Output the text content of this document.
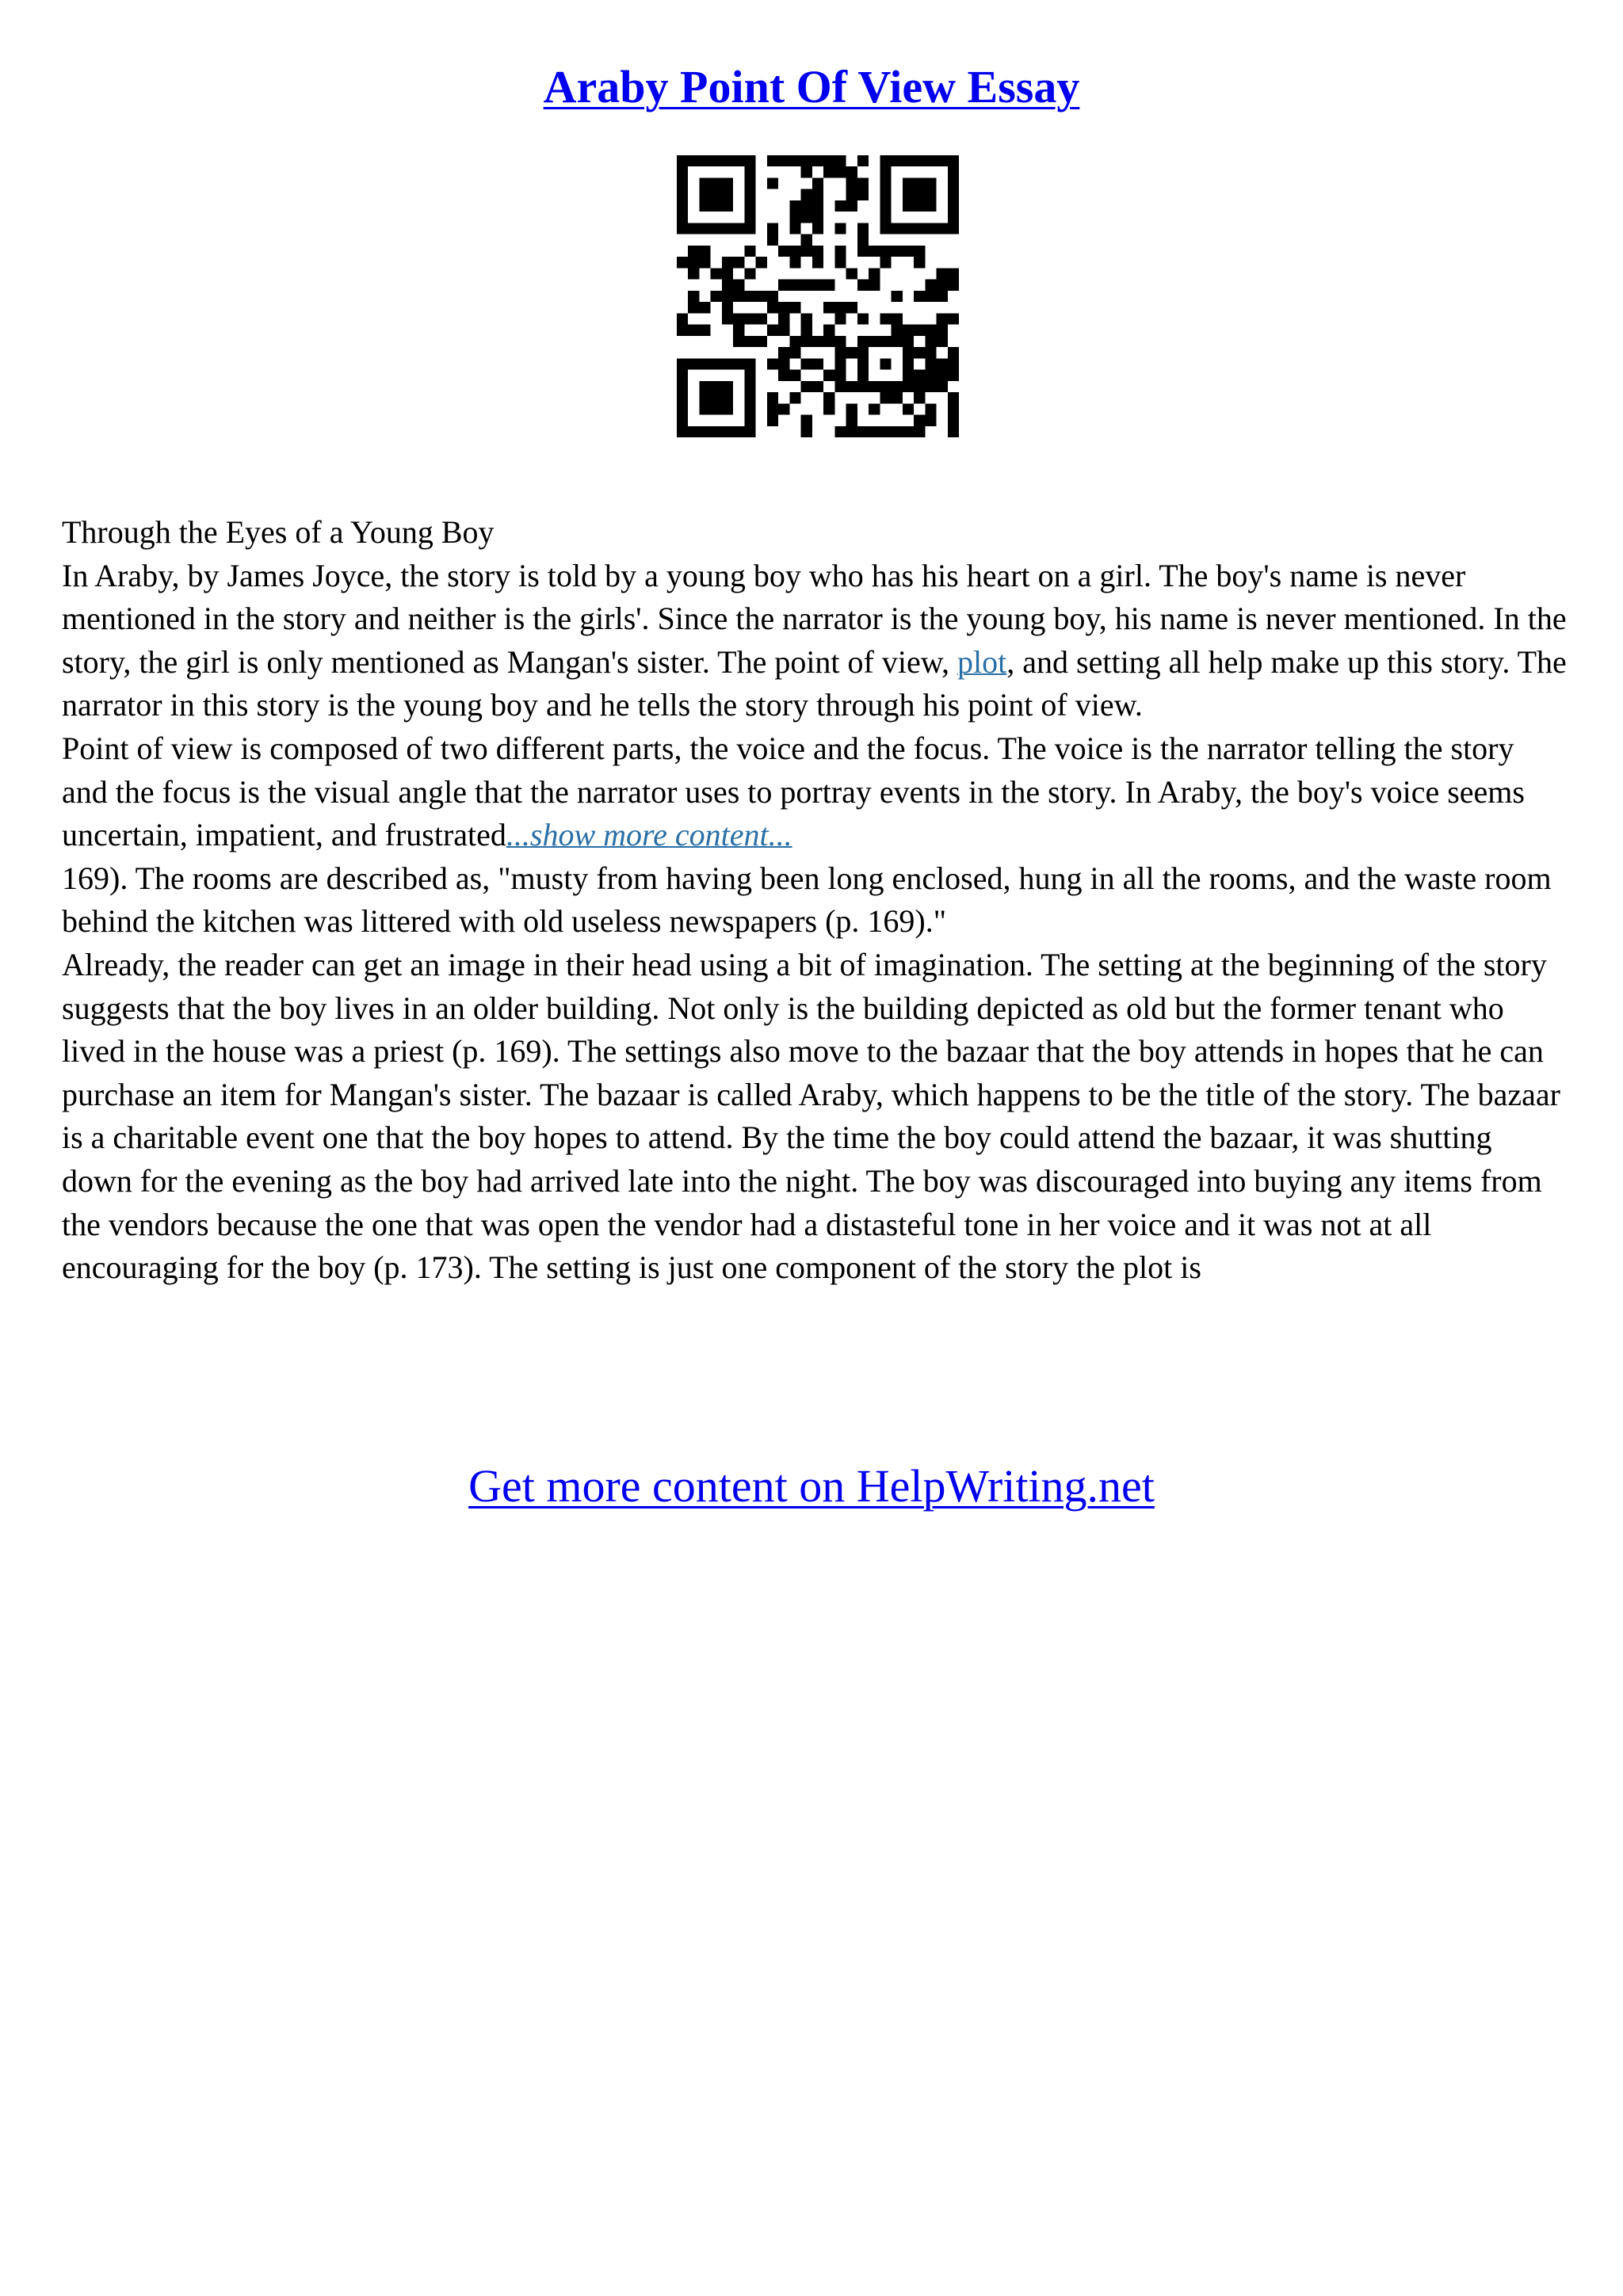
Araby Point Of View Essay

Through the Eyes of a Young Boy

In Araby, by James Joyce, the story is told by a young boy who has his heart on a girl. The boy's name is never mentioned in the story and neither is the girls'. Since the narrator is the young boy, his name is never mentioned. In the story, the girl is only mentioned as Mangan's sister. The point of view, plot, and setting all help make up this story. The narrator in this story is the young boy and he tells the story through his point of view.

Point of view is composed of two different parts, the voice and the focus. The voice is the narrator telling the story and the focus is the visual angle that the narrator uses to portray events in the story. In Araby, the boy's voice seems uncertain, impatient, and frustrated...show more content...

169). The rooms are described as, "musty from having been long enclosed, hung in all the rooms, and the waste room behind the kitchen was littered with old useless newspapers (p. 169)."

Already, the reader can get an image in their head using a bit of imagination. The setting at the beginning of the story suggests that the boy lives in an older building. Not only is the building depicted as old but the former tenant who lived in the house was a priest (p. 169). The settings also move to the bazaar that the boy attends in hopes that he can purchase an item for Mangan's sister. The bazaar is called Araby, which happens to be the title of the story. The bazaar is a charitable event one that the boy hopes to attend. By the time the boy could attend the bazaar, it was shutting down for the evening as the boy had arrived late into the night. The boy was discouraged into buying any items from the vendors because the one that was open the vendor had a distasteful tone in her voice and it was not at all encouraging for the boy (p. 173). The setting is just one component of the story the plot is

Get more content on HelpWriting.net
